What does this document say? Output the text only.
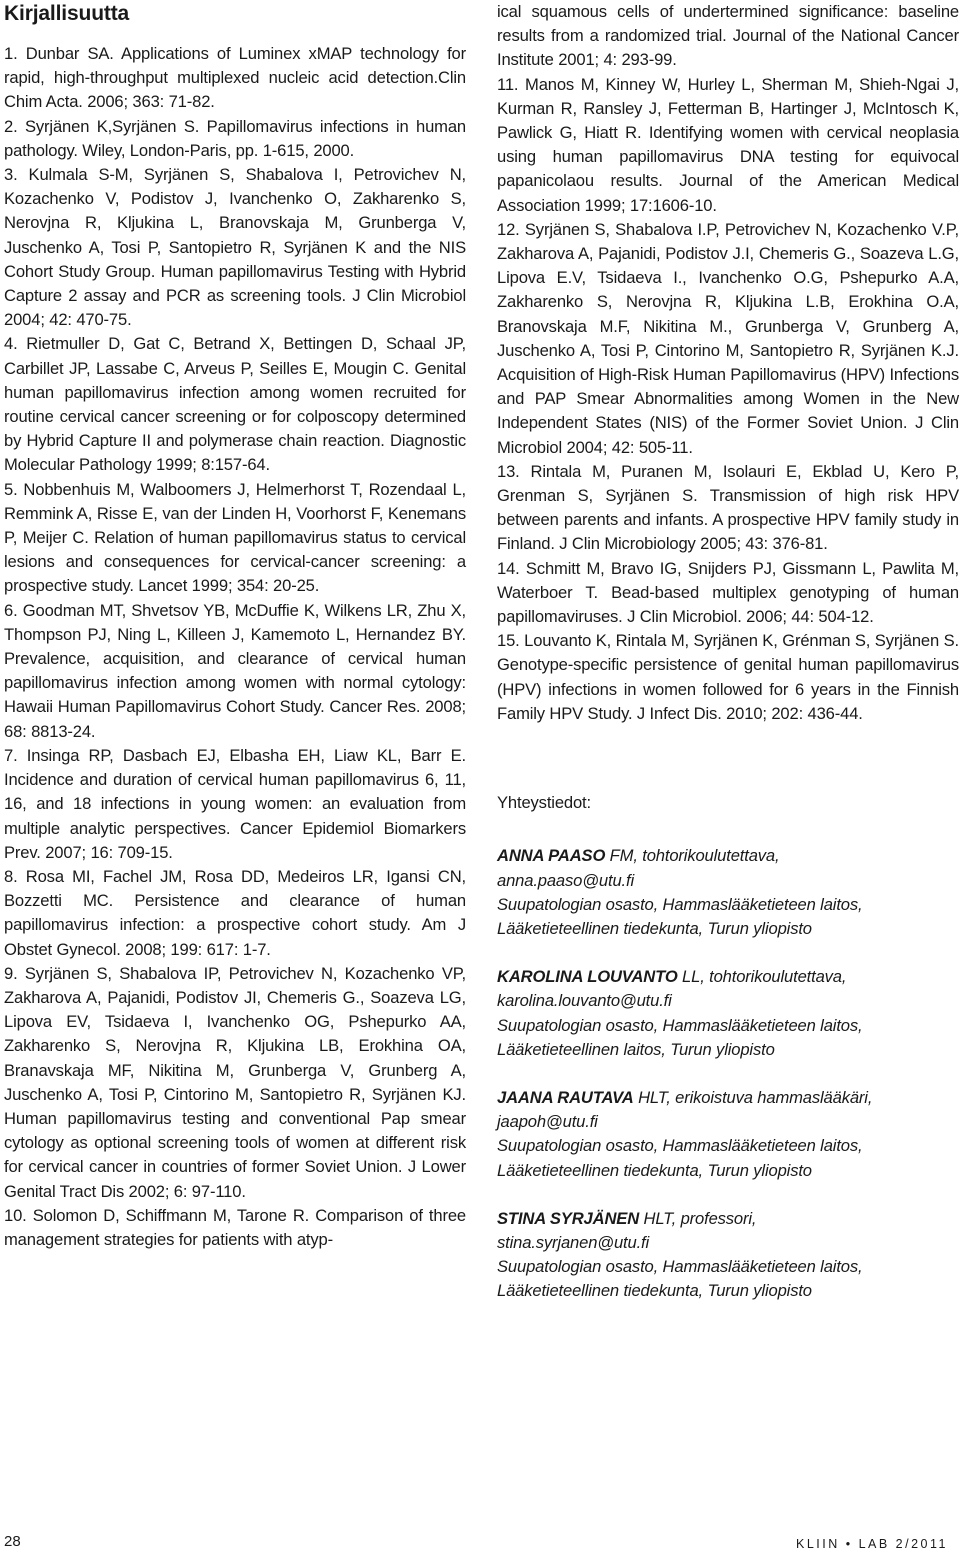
Kirjallisuutta

1. Dunbar SA. Applications of Luminex xMAP technology for rapid, high-throughput multiplexed nucleic acid detection.Clin Chim Acta. 2006; 363: 71-82.

2. Syrjänen K,Syrjänen S. Papillomavirus infections in human pathology. Wiley, London-Paris, pp. 1-615, 2000.

3. Kulmala S-M, Syrjänen S, Shabalova I, Petrovichev N, Kozachenko V, Podistov J, Ivanchenko O, Zakharenko S, Nerovjna R, Kljukina L, Branovskaja M, Grunberga V, Juschenko A, Tosi P, Santopietro R, Syrjänen K and the NIS Cohort Study Group. Human papillomavirus Testing with Hybrid Capture 2 assay and PCR as screening tools. J Clin Microbiol 2004; 42: 470-75.

4. Rietmuller D, Gat C, Betrand X, Bettingen D, Schaal JP, Carbillet JP, Lassabe C, Arveus P, Seilles E, Mougin C. Genital human papillomavirus infection among women recruited for routine cervical cancer screening or for colposcopy determined by Hybrid Capture II and polymerase chain reaction. Diagnostic Molecular Pathology 1999; 8:157-64.

5. Nobbenhuis M, Walboomers J, Helmerhorst T, Rozendaal L, Remmink A, Risse E, van der Linden H, Voorhorst F, Kenemans P, Meijer C. Relation of human papillomavirus status to cervical lesions and consequences for cervical-cancer screening: a prospective study. Lancet 1999; 354: 20-25.

6. Goodman MT, Shvetsov YB, McDuffie K, Wilkens LR, Zhu X, Thompson PJ, Ning L, Killeen J, Kamemoto L, Hernandez BY. Prevalence, acquisition, and clearance of cervical human papillomavirus infection among women with normal cytology: Hawaii Human Papillomavirus Cohort Study. Cancer Res. 2008; 68: 8813-24.

7. Insinga RP, Dasbach EJ, Elbasha EH, Liaw KL, Barr E. Incidence and duration of cervical human papillomavirus 6, 11, 16, and 18 infections in young women: an evaluation from multiple analytic perspectives. Cancer Epidemiol Biomarkers Prev. 2007; 16: 709-15.

8. Rosa MI, Fachel JM, Rosa DD, Medeiros LR, Igansi CN, Bozzetti MC. Persistence and clearance of human papillomavirus infection: a prospective cohort study. Am J Obstet Gynecol. 2008; 199: 617: 1-7.

9. Syrjänen S, Shabalova IP, Petrovichev N, Kozachenko VP, Zakharova A, Pajanidi, Podistov JI, Chemeris G., Soazeva LG, Lipova EV, Tsidaeva I, Ivanchenko OG, Pshepurko AA, Zakharenko S, Nerovjna R, Kljukina LB, Erokhina OA, Branavskaja MF, Nikitina M, Grunberga V, Grunberg A, Juschenko A, Tosi P, Cintorino M, Santopietro R, Syrjänen KJ. Human papillomavirus testing and conventional Pap smear cytology as optional screening tools of women at different risk for cervical cancer in countries of former Soviet Union. J Lower Genital Tract Dis 2002; 6: 97-110.

10. Solomon D, Schiffmann M, Tarone R. Comparison of three management strategies for patients with atyp-

ical squamous cells of undertermined significance: baseline results from a randomized trial. Journal of the National Cancer Institute 2001; 4: 293-99.

11. Manos M, Kinney W, Hurley L, Sherman M, Shieh-Ngai J, Kurman R, Ransley J, Fetterman B, Hartinger J, McIntosch K, Pawlick G, Hiatt R. Identifying women with cervical neoplasia using human papillomavirus DNA testing for equivocal papanicolaou results. Journal of the American Medical Association 1999; 17:1606-10.

12. Syrjänen S, Shabalova I.P, Petrovichev N, Kozachenko V.P, Zakharova A, Pajanidi, Podistov J.I, Chemeris G., Soazeva L.G, Lipova E.V, Tsidaeva I., Ivanchenko O.G, Pshepurko A.A, Zakharenko S, Nerovjna R, Kljukina L.B, Erokhina O.A, Branovskaja M.F, Nikitina M., Grunberga V, Grunberg A, Juschenko A, Tosi P, Cintorino M, Santopietro R, Syrjänen K.J. Acquisition of High-Risk Human Papillomavirus (HPV) Infections and PAP Smear Abnormalities among Women in the New Independent States (NIS) of the Former Soviet Union. J Clin Microbiol 2004; 42: 505-11.

13. Rintala M, Puranen M, Isolauri E, Ekblad U, Kero P, Grenman S, Syrjänen S. Transmission of high risk HPV between parents and infants. A prospective HPV family study in Finland. J Clin Microbiology 2005; 43: 376-81.

14. Schmitt M, Bravo IG, Snijders PJ, Gissmann L, Pawlita M, Waterboer T. Bead-based multiplex genotyping of human papillomaviruses. J Clin Microbiol. 2006; 44: 504-12.

15. Louvanto K, Rintala M, Syrjänen K, Grénman S, Syrjänen S. Genotype-specific persistence of genital human papillomavirus (HPV) infections in women followed for 6 years in the Finnish Family HPV Study. J Infect Dis. 2010; 202: 436-44.

Yhteystiedot:

ANNA PAASO FM, tohtorikoulutettava,
anna.paaso@utu.fi
Suupatologian osasto, Hammaslääketieteen laitos,
Lääketieteellinen tiedekunta, Turun yliopisto
KAROLINA LOUVANTO LL, tohtorikoulutettava,
karolina.louvanto@utu.fi
Suupatologian osasto, Hammaslääketieteen laitos,
Lääketieteellinen laitos, Turun yliopisto
JAANA RAUTAVA HLT, erikoistuva hammaslääkäri,
jaapoh@utu.fi
Suupatologian osasto, Hammaslääketieteen laitos,
Lääketieteellinen tiedekunta, Turun yliopisto
STINA SYRJÄNEN HLT, professori,
stina.syrjanen@utu.fi
Suupatologian osasto, Hammaslääketieteen laitos,
Lääketieteellinen tiedekunta, Turun yliopisto
28	KLIIN • LAB 2/2011
